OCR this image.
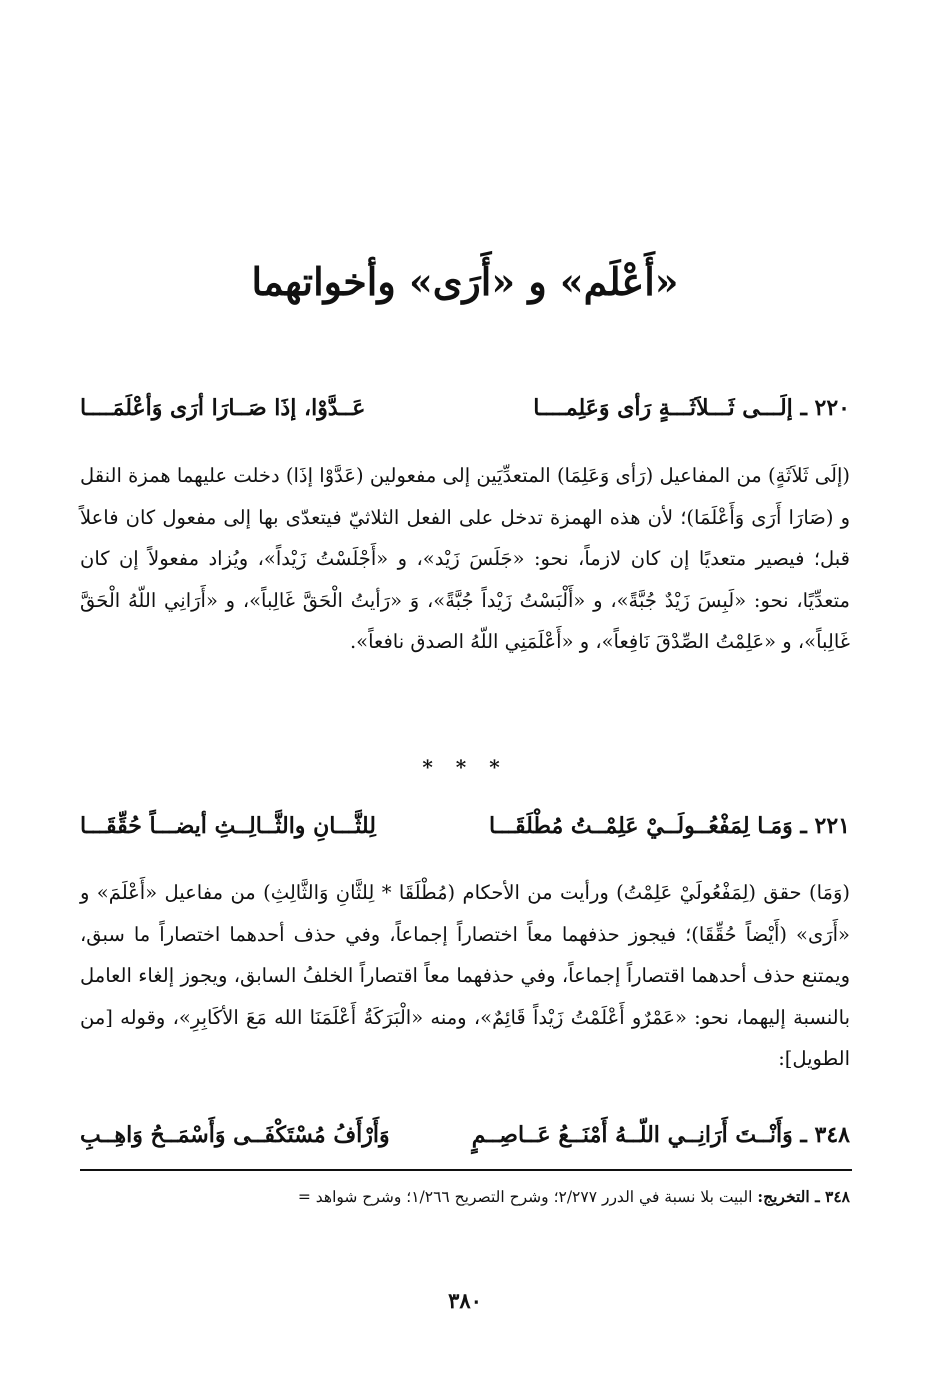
«أَعْلَم» و «أَرَى» وأخواتهما
٢٢٠ ـ إلَـــى ثَـــلاَثَـــةٍ رَأى وَعَلِمــــا
عَــدَّوْا، إذَا صَــارَا أرَى وَأعْلَمَــــا
(إلَى ثَلاَثَةٍ) من المفاعيل (رَأى وَعَلِمَا) المتعدِّيَين إلى مفعولين (عَدَّوْا إذَا) دخلت عليهما همزة النقل و (صَارَا أَرَى وَأَعْلَمَا)؛ لأن هذه الهمزة تدخل على الفعل الثلاثيّ فيتعدّى بها إلى مفعول كان فاعلاً قبل؛ فيصير متعديًا إن كان لازماً، نحو: «جَلَسَ زَيْد»، و «أَجْلَسْتُ زَيْداً»، ويُزاد مفعولاً إن كان متعدِّيًا، نحو: «لَبِسَ زَيْدٌ جُبَّةً»، و «أَلْبَسْتُ زَيْداً جُبَّةً»، وَ «رَأيتُ الْحَقَّ غَالِباً»، و «أَرَانِي اللّهُ الْحَقَّ غَالِباً»، و «عَلِمْتُ الصِّدْقَ نَافِعاً»، و «أَعْلَمَنِي اللّهُ الصدق نافعاً».
* * *
٢٢١ ـ وَمَـا لِمَفْعُــولَــيْ عَلِمْــتُ مُطْلَقَـــا
لِلثَّـــانِ والثَّــالِــثِ أيضـــاً حُقِّقَـــا
(وَمَا) حقق (لِمَفْعُولَيْ عَلِمْتُ) ورأيت من الأحكام (مُطْلَقَا * لِلثَّانِ وَالثَّالِثِ) من مفاعيل «أَعْلَمَ» و «أَرَى» (أَيْضاً حُقِّقَا)؛ فيجوز حذفهما معاً اختصاراً إجماعاً، وفي حذف أحدهما اختصاراً ما سبق، ويمتنع حذف أحدهما اقتصاراً إجماعاً، وفي حذفهما معاً اقتصاراً الخلفُ السابق، ويجوز إلغاء العامل بالنسبة إليهما، نحو: «عَمْرٌو أَعْلَمْتُ زَيْداً قَائِمٌ»، ومنه «الْبَرَكَةُ أَعْلَمَنَا الله مَعَ الأكَابِرِ»، وقوله [من الطويل]:
٣٤٨ ـ وَأَنْــتَ أَرَانِــي اللّــهُ أَمْنَــعُ عَــاصِــمٍ
وَأَرْأَفُ مُسْتَكْفَــى وَأَسْمَــحُ وَاهِــبِ
٣٤٨ ـ التخريج: البيت بلا نسبة في الدرر ٢/٢٧٧؛ وشرح التصريح ١/٢٦٦؛ وشرح شواهد =
٣٨٠
